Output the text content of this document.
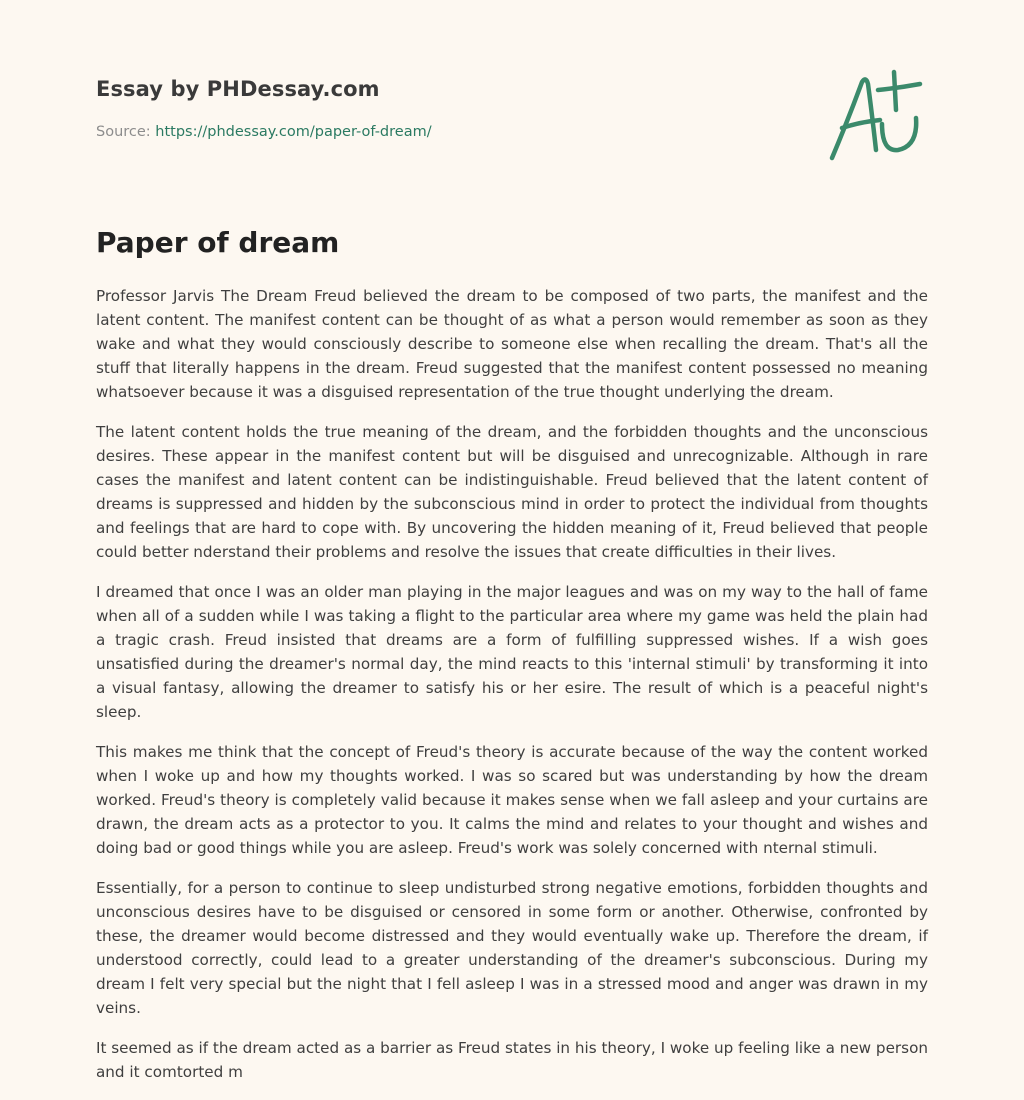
Essay by PHDessay.com
Source: https://phdessay.com/paper-of-dream/
Paper of dream

Professor Jarvis The Dream Freud believed the dream to be composed of two parts, the manifest and the latent content. The manifest content can be thought of as what a person would remember as soon as they wake and what they would consciously describe to someone else when recalling the dream. That's all the stuff that literally happens in the dream. Freud suggested that the manifest content possessed no meaning whatsoever because it was a disguised representation of the true thought underlying the dream.

The latent content holds the true meaning of the dream, and the forbidden thoughts and the unconscious desires. These appear in the manifest content but will be disguised and unrecognizable. Although in rare cases the manifest and latent content can be indistinguishable. Freud believed that the latent content of dreams is suppressed and hidden by the subconscious mind in order to protect the individual from thoughts and feelings that are hard to cope with. By uncovering the hidden meaning of it, Freud believed that people could better nderstand their problems and resolve the issues that create difficulties in their lives.

I dreamed that once I was an older man playing in the major leagues and was on my way to the hall of fame when all of a sudden while I was taking a flight to the particular area where my game was held the plain had a tragic crash. Freud insisted that dreams are a form of fulfilling suppressed wishes. If a wish goes unsatisfied during the dreamer's normal day, the mind reacts to this 'internal stimuli' by transforming it into a visual fantasy, allowing the dreamer to satisfy his or her esire. The result of which is a peaceful night's sleep.

This makes me think that the concept of Freud's theory is accurate because of the way the content worked when I woke up and how my thoughts worked. I was so scared but was understanding by how the dream worked. Freud's theory is completely valid because it makes sense when we fall asleep and your curtains are drawn, the dream acts as a protector to you. It calms the mind and relates to your thought and wishes and doing bad or good things while you are asleep. Freud's work was solely concerned with nternal stimuli.

Essentially, for a person to continue to sleep undisturbed strong negative emotions, forbidden thoughts and unconscious desires have to be disguised or censored in some form or another. Otherwise, confronted by these, the dreamer would become distressed and they would eventually wake up. Therefore the dream, if understood correctly, could lead to a greater understanding of the dreamer's subconscious. During my dream I felt very special but the night that I fell asleep I was in a stressed mood and anger was drawn in my veins.

It seemed as if the dream acted as a barrier as Freud states in his theory, I woke up feeling like a new person and it comtorted m
